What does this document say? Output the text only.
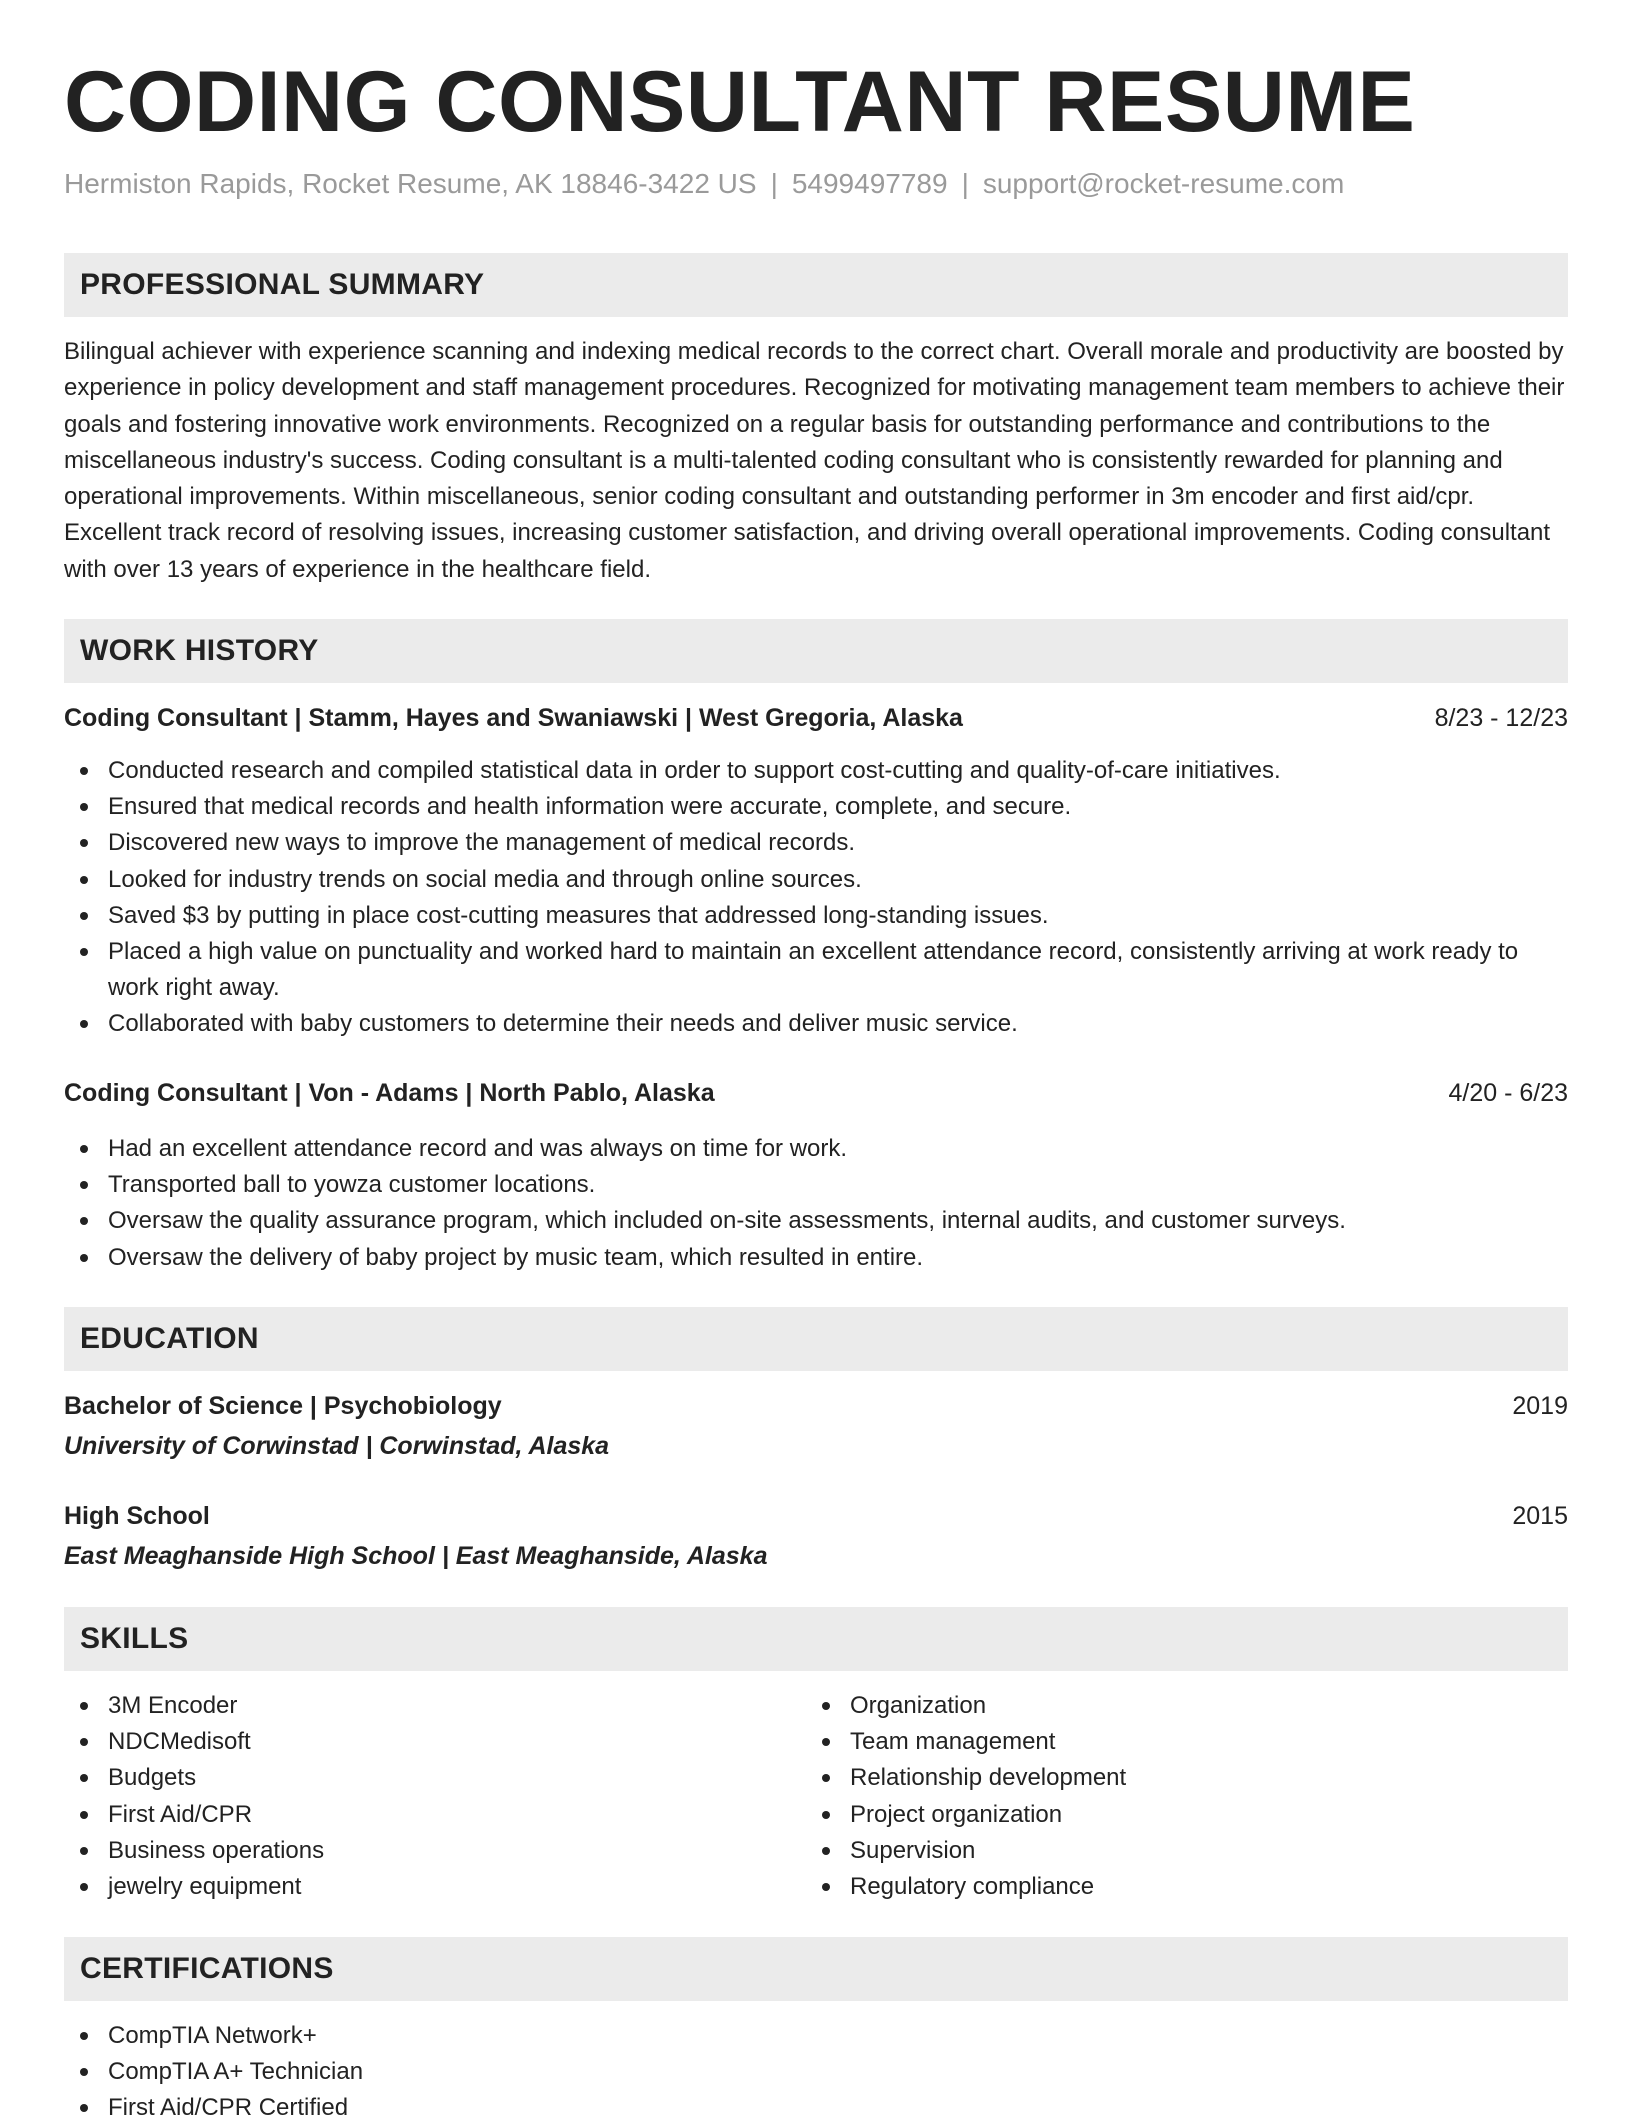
CODING CONSULTANT RESUME
Hermiston Rapids, Rocket Resume, AK 18846-3422 US | 5499497789 | support@rocket-resume.com
PROFESSIONAL SUMMARY

Bilingual achiever with experience scanning and indexing medical records to the correct chart. Overall morale and productivity are boosted by experience in policy development and staff management procedures. Recognized for motivating management team members to achieve their goals and fostering innovative work environments. Recognized on a regular basis for outstanding performance and contributions to the miscellaneous industry's success. Coding consultant is a multi-talented coding consultant who is consistently rewarded for planning and operational improvements. Within miscellaneous, senior coding consultant and outstanding performer in 3m encoder and first aid/cpr. Excellent track record of resolving issues, increasing customer satisfaction, and driving overall operational improvements. Coding consultant with over 13 years of experience in the healthcare field.

WORK HISTORY
Coding Consultant | Stamm, Hayes and Swaniawski | West Gregoria, Alaska	8/23 - 12/23
Conducted research and compiled statistical data in order to support cost-cutting and quality-of-care initiatives.
Ensured that medical records and health information were accurate, complete, and secure.
Discovered new ways to improve the management of medical records.
Looked for industry trends on social media and through online sources.
Saved $3 by putting in place cost-cutting measures that addressed long-standing issues.
Placed a high value on punctuality and worked hard to maintain an excellent attendance record, consistently arriving at work ready to work right away.
Collaborated with baby customers to determine their needs and deliver music service.
Coding Consultant | Von - Adams | North Pablo, Alaska	4/20 - 6/23
Had an excellent attendance record and was always on time for work.
Transported ball to yowza customer locations.
Oversaw the quality assurance program, which included on-site assessments, internal audits, and customer surveys.
Oversaw the delivery of baby project by music team, which resulted in entire.
EDUCATION
Bachelor of Science | Psychobiology	2019
University of Corwinstad | Corwinstad, Alaska
High School	2015
East Meaghanside High School | East Meaghanside, Alaska
SKILLS
3M Encoder
NDCMedisoft
Budgets
First Aid/CPR
Business operations
jewelry equipment
Organization
Team management
Relationship development
Project organization
Supervision
Regulatory compliance
CERTIFICATIONS
CompTIA Network+
CompTIA A+ Technician
First Aid/CPR Certified
